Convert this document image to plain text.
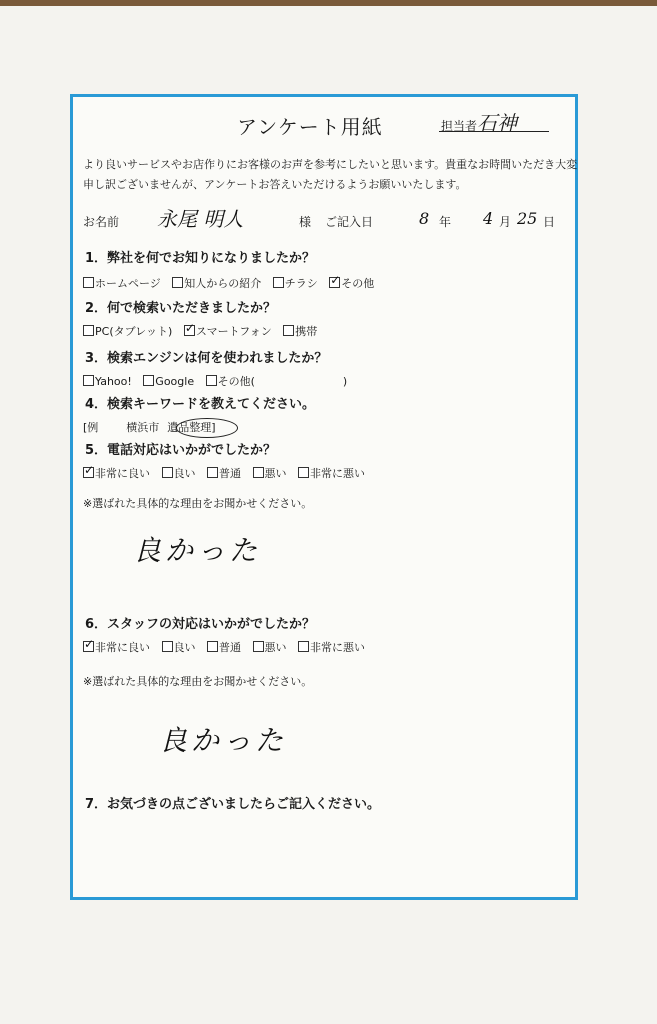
アンケート用紙	担当者 石神
より良いサービスやお店作りにお客様のお声を参考にしたいと思います。貴重なお時間いただき大変
申し訳ございませんが、アンケートお答えいただけるようお願いいたします。
お名前 永尾 明人	様 ご記入日	8 年 4 月 25 日
1．弊社を何でお知りになりましたか？
ホームページ 知人からの紹介 チラシ ✓ その他
2．何で検索いただきましたか？
PC(タブレット) ✓ スマートフォン 携帯
3．検索エンジンは何を使われましたか？
Yahoo! Google その他(　　　　　　　　)
4．検索キーワードを教えてください。
[例	横浜市 遺品整理]
5．電話対応はいかがでしたか？
✓非常に良い 良い 普通 悪い 非常に悪い
※選ばれた具体的な理由をお聞かせください。
良かった
6．スタッフの対応はいかがでしたか？
✓非常に良い 良い 普通 悪い 非常に悪い
※選ばれた具体的な理由をお聞かせください。
良かった
7．お気づきの点ございましたらご記入ください。
